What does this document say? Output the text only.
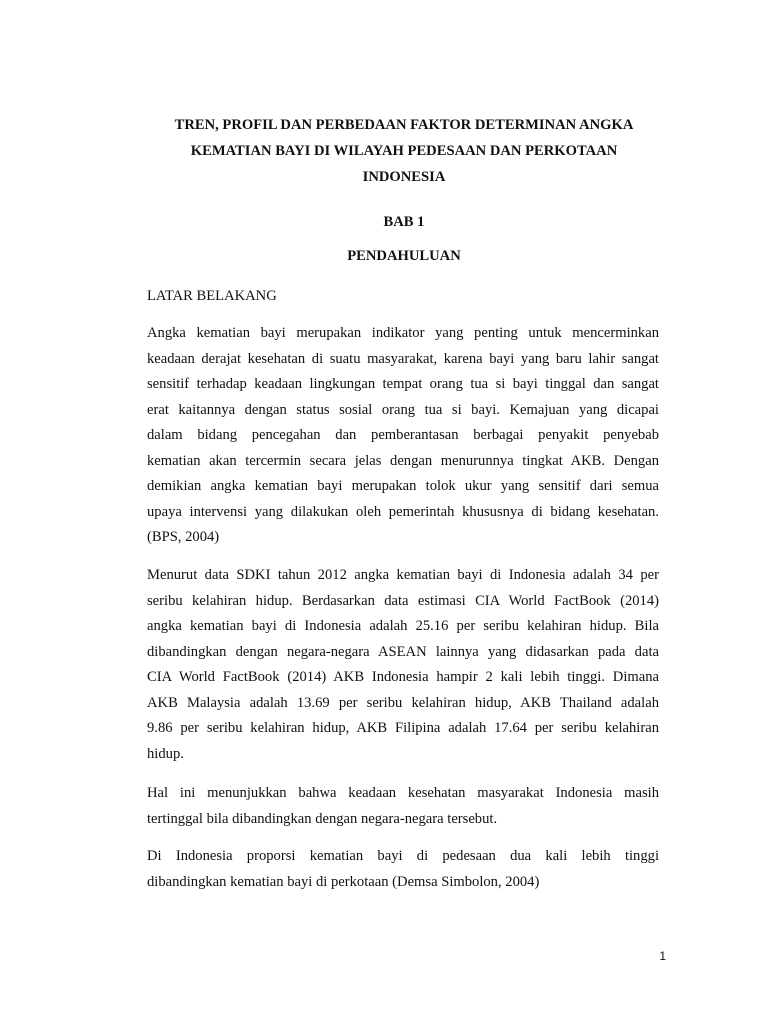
TREN, PROFIL DAN PERBEDAAN FAKTOR DETERMINAN ANGKA
KEMATIAN BAYI DI WILAYAH PEDESAAN DAN PERKOTAAN
INDONESIA
BAB 1
PENDAHULUAN
LATAR BELAKANG
Angka kematian bayi merupakan indikator yang penting untuk mencerminkan
keadaan derajat kesehatan di suatu masyarakat, karena bayi yang baru lahir sangat
sensitif terhadap keadaan lingkungan tempat orang tua si bayi tinggal dan sangat
erat kaitannya dengan status sosial orang tua si bayi. Kemajuan yang dicapai
dalam bidang pencegahan dan pemberantasan berbagai penyakit penyebab
kematian akan tercermin secara jelas dengan menurunnya tingkat AKB. Dengan
demikian angka kematian bayi merupakan tolok ukur yang sensitif dari semua
upaya intervensi yang dilakukan oleh pemerintah khususnya di bidang kesehatan.
(BPS, 2004)
Menurut data SDKI tahun 2012 angka kematian bayi di Indonesia adalah 34 per
seribu kelahiran hidup. Berdasarkan data estimasi CIA World FactBook (2014)
angka kematian bayi di Indonesia adalah 25.16 per seribu kelahiran hidup. Bila
dibandingkan dengan negara-negara ASEAN lainnya yang didasarkan pada data
CIA World FactBook (2014) AKB Indonesia hampir 2 kali lebih tinggi. Dimana
AKB Malaysia adalah 13.69 per seribu kelahiran hidup, AKB Thailand adalah
9.86 per seribu kelahiran hidup, AKB Filipina adalah 17.64 per seribu kelahiran
hidup.
Hal ini menunjukkan bahwa keadaan kesehatan masyarakat Indonesia masih
tertinggal bila dibandingkan dengan negara-negara tersebut.
Di Indonesia proporsi kematian bayi di pedesaan dua kali lebih tinggi
dibandingkan kematian bayi di perkotaan (Demsa Simbolon, 2004)
1
